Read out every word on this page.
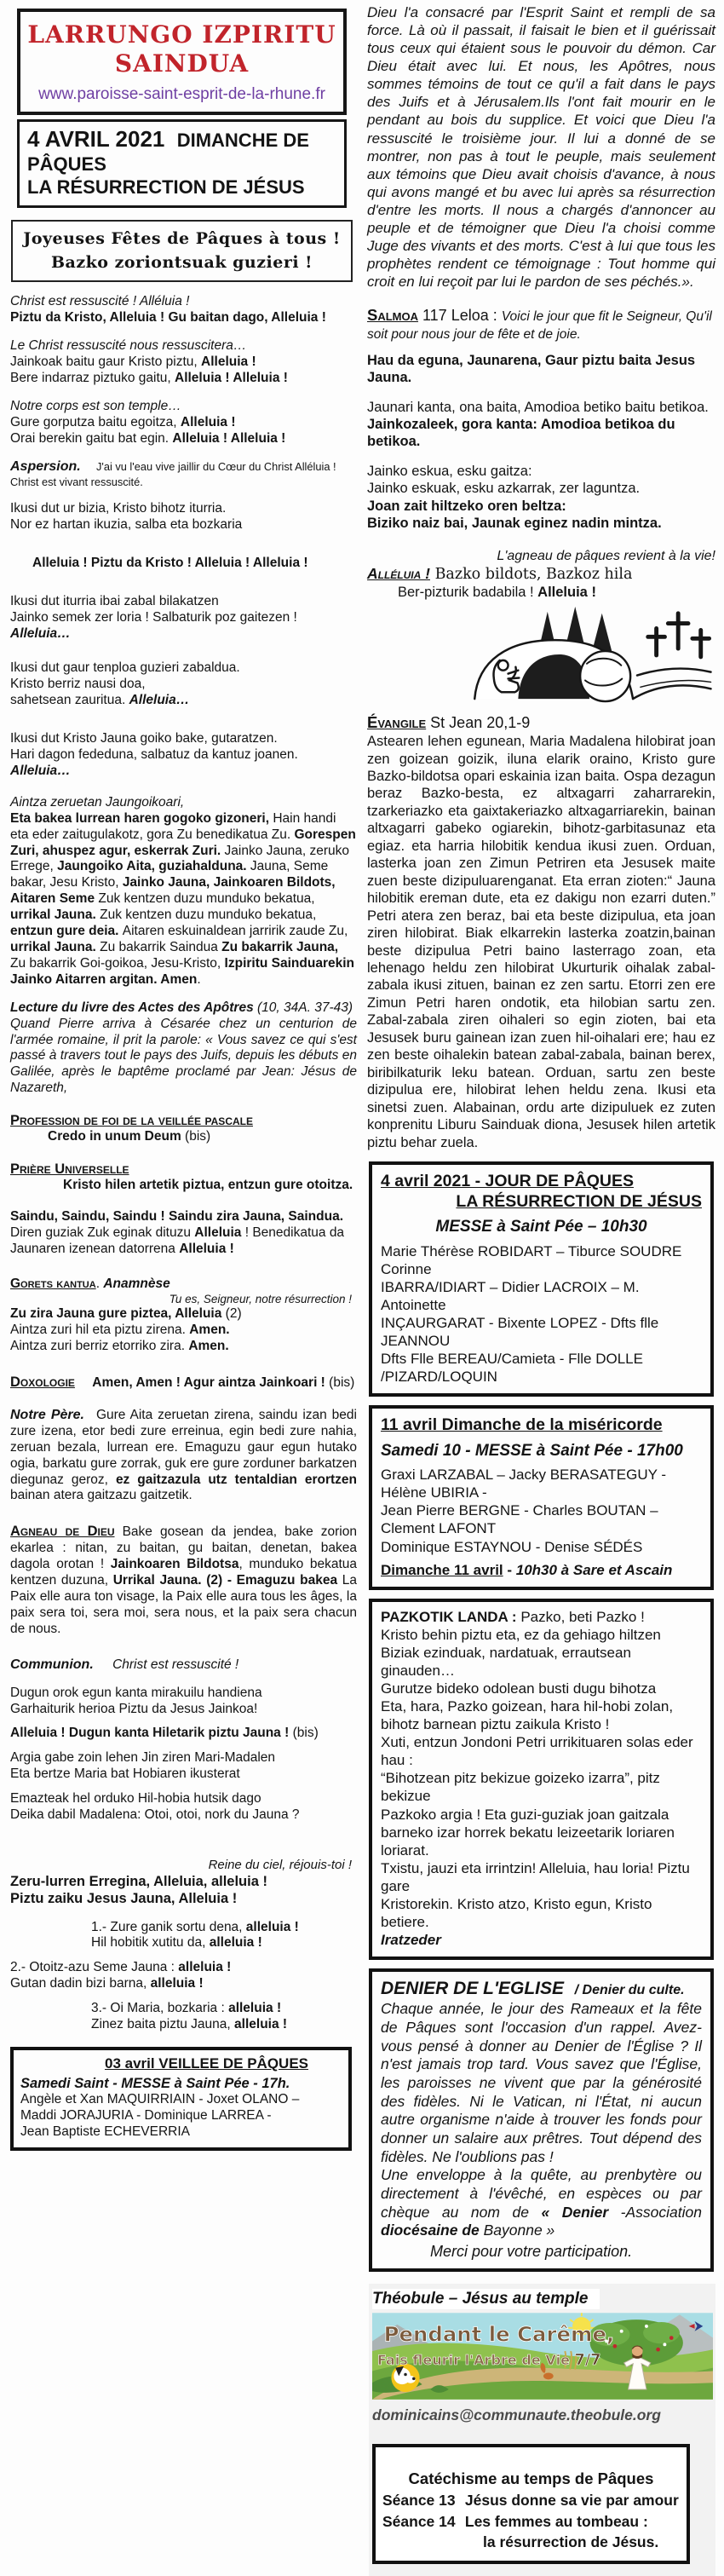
LARRUNGO IZPIRITU SAINDUA
www.paroisse-saint-esprit-de-la-rhune.fr
4 AVRIL 2021 DIMANCHE DE PÂQUES
LA RÉSURRECTION DE JÉSUS
Joyeuses Fêtes de Pâques à tous !
Bazko zoriontsuak guzieri !
Christ est ressuscité ! Alléluia !
Piztu da Kristo, Alleluia ! Gu baitan dago, Alleluia !
Le Christ ressuscité nous ressuscitera…
Jainkoak baitu gaur Kristo piztu, Alleluia !
Bere indarraz piztuko gaitu, Alleluia ! Alleluia !
Notre corps est son temple…
Gure gorputza baitu egoitza, Alleluia !
Orai berekin gaitu bat egin. Alleluia ! Alleluia !
Aspersion. J'ai vu l'eau vive jaillir du Cœur du Christ Alléluia !
Christ est vivant ressuscité.
Ikusi dut ur bizia, Kristo bihotz iturria.
Nor ez hartan ikuzia, salba eta bozkaria
Alleluia ! Piztu da Kristo ! Alleluia ! Alleluia !
Ikusi dut iturria ibai zabal bilakatzen
Jainko semek zer loria ! Salbaturik poz gaitezen ! Alleluia…
Ikusi dut gaur tenploa guzieri zabaldua.
Kristo berriz nausi doa,
sahetsean zauritua. Alleluia…
Ikusi dut Kristo Jauna goiko bake, gutaratzen.
Hari dagon fededuna, salbatuz da kantuz joanen. Alleluia…
Aintza zeruetan Jaungoikoari,
Eta bakea lurrean haren gogoko gizoneri, Hain handi eta eder zaitugulakotz, gora Zu benedikatua Zu. Gorespen Zuri, ahuspez agur, eskerrak Zuri. Jainko Jauna, zeruko Errege, Jaungoiko Aita, guziahalduna. Jauna, Seme bakar, Jesu Kristo, Jainko Jauna, Jainkoaren Bildots, Aitaren Seme Zuk kentzen duzu munduko bekatua, urrikal Jauna. Zuk kentzen duzu munduko bekatua, entzun gure deia. Aitaren eskuinaldean jarririk zaude Zu, urrikal Jauna. Zu bakarrik Saindua Zu bakarrik Jauna, Zu bakarrik Goi-goikoa, Jesu-Kristo, Izpiritu Sainduarekin Jainko Aitarren argitan. Amen.
Lecture du livre des Actes des Apôtres (10, 34A. 37-43)
Quand Pierre arriva à Césarée chez un centurion de l'armée romaine, il prit la parole: « Vous savez ce qui s'est passé à travers tout le pays des Juifs, depuis les débuts en Galilée, après le baptême proclamé par Jean: Jésus de Nazareth,
Profession de foi de la veillée pascale
Credo in unum Deum (bis)
Prière Universelle
Kristo hilen artetik piztua, entzun gure otoitza.
Saindu, Saindu, Saindu ! Saindu zira Jauna, Saindua. Diren guziak Zuk eginak dituzu Alleluia ! Benedikatua da Jaunaren izenean datorrena Alleluia !
Gorets kantua. Anamnèse
Tu es, Seigneur, notre résurrection !
Zu zira Jauna gure piztea, Alleluia (2)
Aintza zuri hil eta piztu zirena. Amen.
Aintza zuri berriz etorriko zira. Amen.
Doxologie Amen, Amen ! Agur aintza Jainkoari ! (bis)
Notre Père. Gure Aita zeruetan zirena, saindu izan bedi zure izena, etor bedi zure erreinua, egin bedi zure nahia, zeruan bezala, lurrean ere. Emaguzu gaur egun hutako ogia, barkatu gure zorrak, guk ere gure zorduner barkatzen diegunaz geroz, ez gaitzazula utz tentaldian erortzen bainan atera gaitzazu gaitzetik.
Agneau de Dieu Bake gosean da jendea, bake zorion ekarlea : nitan, zu baitan, gu baitan, denetan, bakea dagola orotan ! Jainkoaren Bildotsa, munduko bekatua kentzen duzuna, Urrikal Jauna. (2) - Emaguzu bakea La Paix elle aura ton visage, la Paix elle aura tous les âges, la paix sera toi, sera moi, sera nous, et la paix sera chacun de nous.
Communion. Christ est ressuscité !
Dugun orok egun kanta mirakuilu handiena
Garhaiturik herioa Piztu da Jesus Jainkoa!
Alleluia ! Dugun kanta Hiletarik piztu Jauna ! (bis)
Argia gabe zoin lehen Jin ziren Mari-Madalen
Eta bertze Maria bat Hobiaren ikusterat
Emazteak hel orduko Hil-hobia hutsik dago
Deika dabil Madalena: Otoi, otoi, nork du Jauna ?
Reine du ciel, réjouis-toi !
Zeru-lurren Erregina, Alleluia, alleluia !
Piztu zaiku Jesus Jauna, Alleluia !
1.- Zure ganik sortu dena, alleluia !
Hil hobitik xutitu da, alleluia !
2.- Otoitz-azu Seme Jauna : alleluia !
Gutan dadin bizi barna, alleluia !
3.- Oi Maria, bozkaria : alleluia !
Zinez baita piztu Jauna, alleluia !
03 avril VEILLEE DE PÂQUES
Samedi Saint - MESSE à Saint Pée - 17h.
Angèle et Xan MAQUIRRIAIN - Joxet OLANO –
Maddi JORAJURIA - Dominique LARREA -
Jean Baptiste ECHEVERRIA
Dieu l'a consacré par l'Esprit Saint et rempli de sa force. Là où il passait, il faisait le bien et il guérissait tous ceux qui étaient sous le pouvoir du démon. Car Dieu était avec lui. Et nous, les Apôtres, nous sommes témoins de tout ce qu'il a fait dans le pays des Juifs et à Jérusalem.Ils l'ont fait mourir en le pendant au bois du supplice. Et voici que Dieu l'a ressuscité le troisième jour. Il lui a donné de se montrer, non pas à tout le peuple, mais seulement aux témoins que Dieu avait choisis d'avance, à nous qui avons mangé et bu avec lui après sa résurrection d'entre les morts. Il nous a chargés d'annoncer au peuple et de témoigner que Dieu l'a choisi comme Juge des vivants et des morts. C'est à lui que tous les prophètes rendent ce témoignage : Tout homme qui croit en lui reçoit par lui le pardon de ses péchés.».
Salmoa 117 Leloa : Voici le jour que fit le Seigneur, Qu'il soit pour nous jour de fête et de joie.
Hau da eguna, Jaunarena, Gaur piztu baita Jesus Jauna.
Jaunari kanta, ona baita, Amodioa betiko baitu betikoa.
Jainkozaleek, gora kanta: Amodioa betikoa du betikoa.
Jainko eskua, esku gaitza:
Jainko eskuak, esku azkarrak, zer laguntza.
Joan zait hiltzeko oren beltza:
Biziko naiz bai, Jaunak eginez nadin mintza.
L'agneau de pâques revient à la vie!
Alléluia ! Bazko bildots, Bazkoz hila
Ber-pizturik badabila ! Alleluia !
Évangile St Jean 20,1-9
Astearen lehen egunean, Maria Madalena hilobirat joan zen goizean goizik, iluna elarik oraino, Kristo gure Bazko-bildotsa opari eskainia izan baita. Ospa dezagun beraz Bazko-besta, ez altxagarri zaharrarekin, tzarkeriazko eta gaixtakeriazko altxagarriarekin, bainan altxagarri gabeko ogiarekin, bihotz-garbitasunaz eta egiaz. eta harria hilobitik kendua ikusi zuen. Orduan, lasterka joan zen Zimun Petriren eta Jesusek maite zuen beste dizipuluarenganat. Eta erran zioten:“ Jauna hilobitik ereman dute, eta ez dakigu non ezarri duten.” Petri atera zen beraz, bai eta beste dizipulua, eta joan ziren hilobirat. Biak elkarrekin lasterka zoatzin,bainan beste dizipulua Petri baino lasterrago zoan, eta lehenago heldu zen hilobirat Ukurturik oihalak zabal-zabala ikusi zituen, bainan ez zen sartu. Etorri zen ere Zimun Petri haren ondotik, eta hilobian sartu zen. Zabal-zabala ziren oihaleri so egin zioten, bai eta Jesusek buru gainean izan zuen hil-oihalari ere; hau ez zen beste oihalekin batean zabal-zabala, bainan berex, biribilkaturik leku batean. Orduan, sartu zen beste dizipulua ere, hilobirat lehen heldu zena. Ikusi eta sinetsi zuen. Alabainan, ordu arte dizipuluek ez zuten konprenitu Liburu Sainduak diona, Jesusek hilen artetik piztu behar zuela.
4 avril 2021 - JOUR DE PÂQUES
LA RÉSURRECTION DE JÉSUS
MESSE à Saint Pée – 10h30
Marie Thérèse ROBIDART – Tiburce SOUDRE Corinne
IBARRA/IDIART – Didier LACROIX – M. Antoinette
INÇAURGARAT - Bixente LOPEZ - Dfts flle JEANNOU
Dfts Flle BEREAU/Camieta - Flle DOLLE /PIZARD/LOQUIN
11 avril Dimanche de la miséricorde
Samedi 10 - MESSE à Saint Pée - 17h00
Graxi LARZABAL – Jacky BERASATEGUY -Hélène UBIRIA -
Jean Pierre BERGNE - Charles BOUTAN – Clement LAFONT
Dominique ESTAYNOU - Denise SÉDÉS
Dimanche 11 avril - 10h30 à Sare et Ascain
PAZKOTIK LANDA : Pazko, beti Pazko !
Kristo behin piztu eta, ez da gehiago hiltzen
Biziak ezinduak, nardatuak, errautsean ginauden…
Gurutze bideko odolean busti dugu bihotza
Eta, hara, Pazko goizean, hara hil-hobi zolan,
bihotz barnean piztu zaikula Kristo !
Xuti, entzun Jondoni Petri urrikituaren solas eder hau :
“Bihotzean pitz bekizue goizeko izarra”, pitz bekizue
Pazkoko argia ! Eta guzi-guziak joan gaitzala
barneko izar horrek bekatu leizeetarik loriaren loriarat.
Txistu, jauzi eta irrintzin! Alleluia, hau loria! Piztu gare
Kristorekin. Kristo atzo, Kristo egun, Kristo betiere.
Iratzeder
DENIER DE L'EGLISE / Denier du culte.
Chaque année, le jour des Rameaux et la fête de Pâques sont l'occasion d'un rappel. Avez-vous pensé à donner au Denier de l'Église ? Il n'est jamais trop tard. Vous savez que l'Église, les paroisses ne vivent que par la générosité des fidèles. Ni le Vatican, ni l'État, ni aucun autre organisme n'aide à trouver les fonds pour donner un salaire aux prêtres. Tout dépend des fidèles. Ne l'oublions pas !
Une enveloppe à la quête, au prenbytère ou directement à l'évêché, en espèces ou par chèque au nom de « Denier -Association diocésaine de Bayonne »
Merci pour votre participation.
Théobule – Jésus au temple
Pendant le Carême,
Fais fleurir l'Arbre de Vie 7/7
dominicains@communaute.theobule.org
Catéchisme au temps de Pâques
Séance 13 Jésus donne sa vie par amour
Séance 14 Les femmes au tombeau :
la résurrection de Jésus.
